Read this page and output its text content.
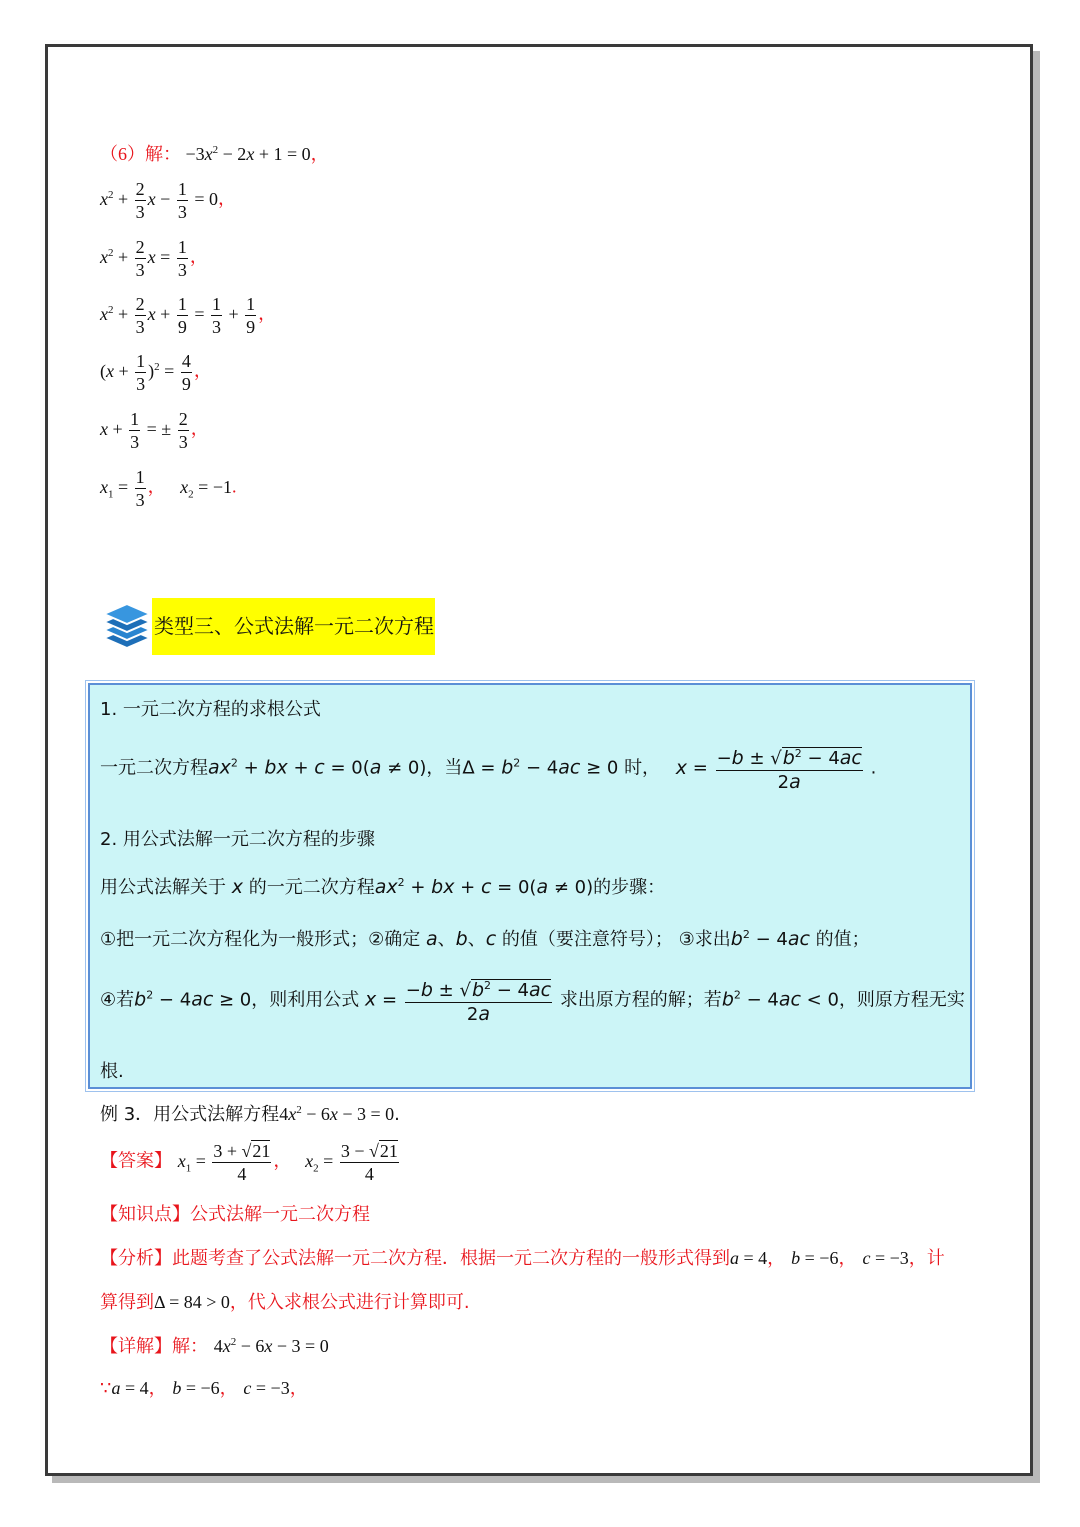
（6）解： $-3x^2 - 2x + 1 = 0$，
$x^2 + \frac{2}{3}$ $x - \frac{1}{3} = 0$，
$x^2 + \frac{2}{3}$ $x = \frac{1}{3}$ ，
$x^2 + \frac{2}{3}$ $x + \frac{1}{9} = \frac{1}{3} + \frac{1}{9}$ ，
$(x + \frac{1}{3} )^2 = \frac{4}{9}$ ，
$x + \frac{1}{3}$ = ± $\frac{2}{3}$ ，
$x_1 = \frac{1}{3}$ ， $x_2 = -1$.
类型三、公式法解一元二次方程
1. 一元二次方程的求根公式
一元二次方程$ax^2$ + bx + c = 0(a ≠ 0)，当$\Delta = b^2 - 4ac \ge 0$ 时， $x = \frac{-b \pm √b^2 - 4ac}{2a}$ .
2. 用公式法解一元二次方程的步骤
用公式法解关于 x 的一元二次方程$ax^2$ + bx + c = 0(a ≠ 0)的步骤：
①把一元二次方程化为一般形式；②确定 a、b、c 的值（要注意符号）； ③求出$b^2 - 4ac$ 的值；
④若$b^2 - 4ac \ge 0$，则利用公式 $x = \frac{-b \pm √b^2 - 4ac}{2a}$ 求出原方程的解；若$b^2 - 4ac < 0$，则原方程无实
根.
例 3．用公式法解方程$4x^2 - 6x - 3 = 0$.
【答案】 $x_1 = \frac{3 + √21}{4}$ ， $x_2 = \frac{3 - √21}{4}$
【知识点】公式法解一元二次方程
【分析】此题考查了公式法解一元二次方程．根据一元二次方程的一般形式得到a = 4， b = −6， c = −3，计
算得到Δ = 84 > 0，代入求根公式进行计算即可.
【详解】解： $4x^2 - 6x - 3 = 0$
∵a = 4， b = −6， c = −3，
